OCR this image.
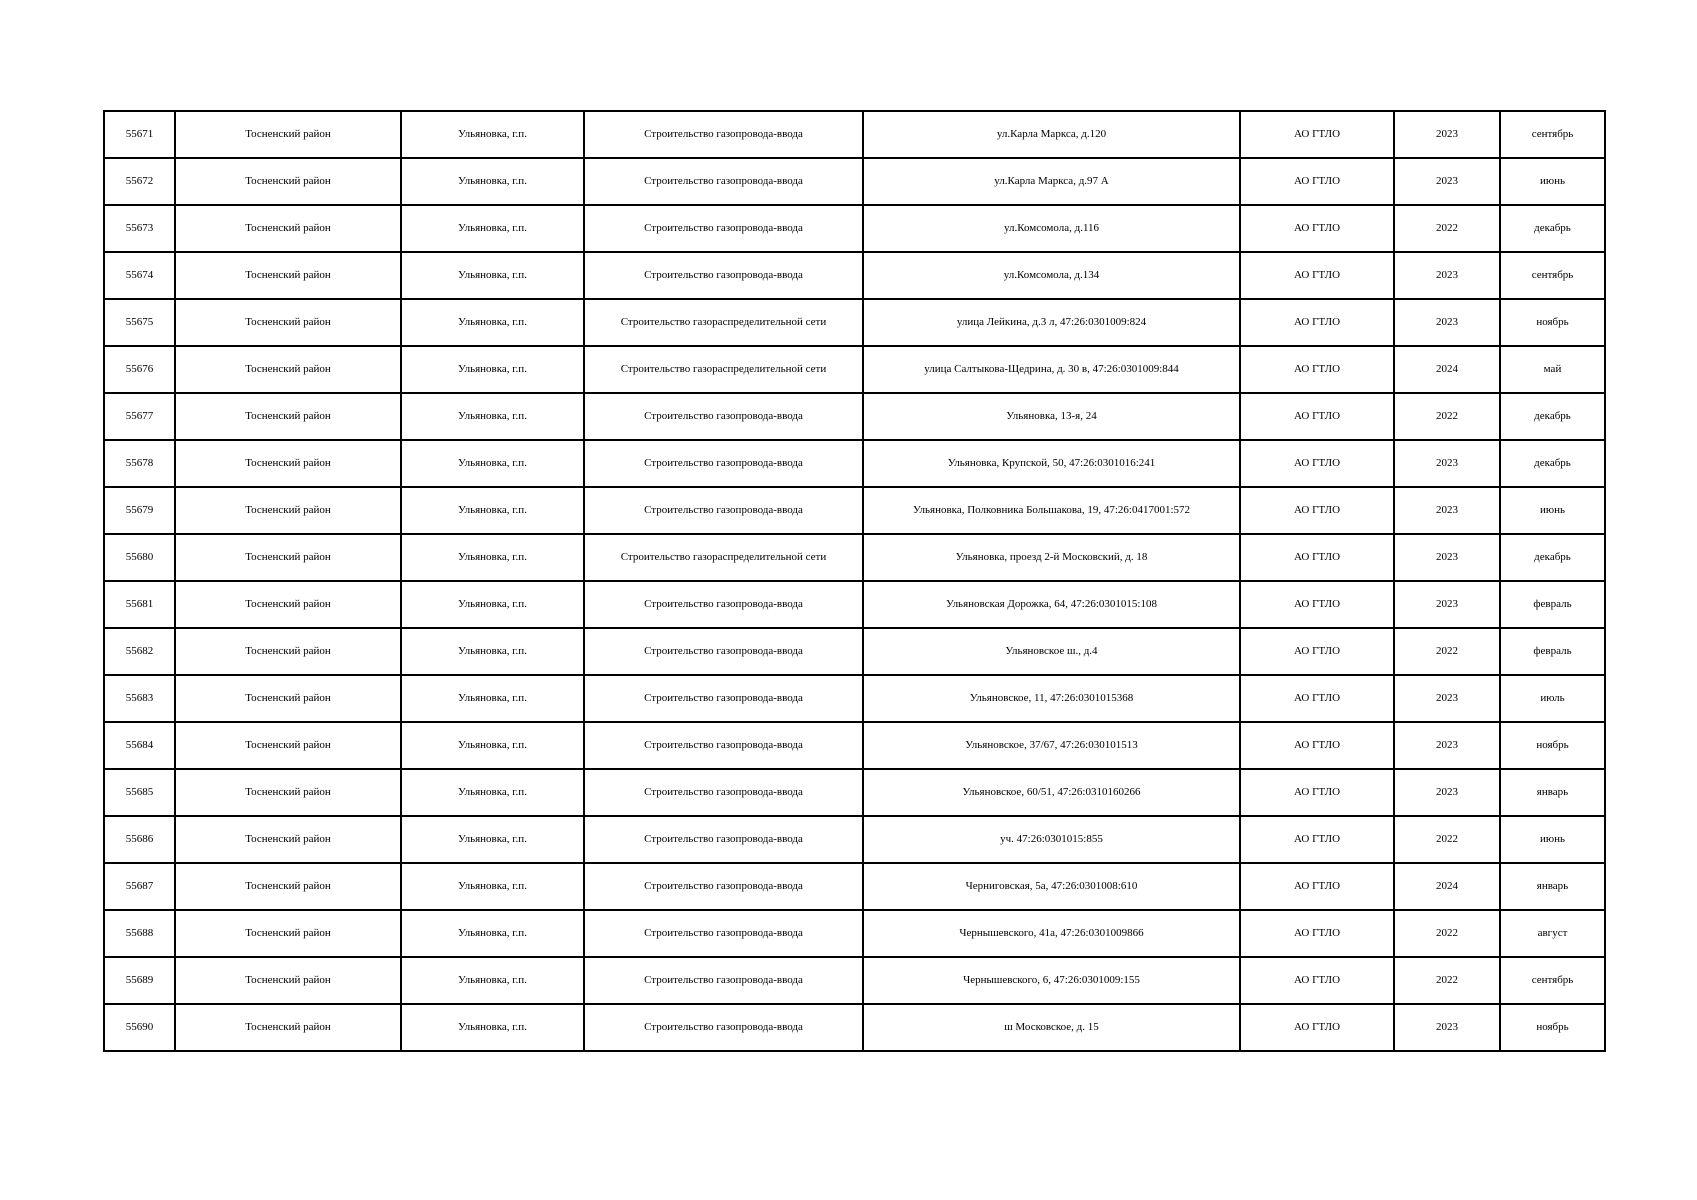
55671	Тосненский район	Ульяновка, г.п.	Строительство газопровода-ввода	ул.Карла Маркса, д.120	АО ГТЛО	2023	сентябрь
55672	Тосненский район	Ульяновка, г.п.	Строительство газопровода-ввода	ул.Карла Маркса, д.97 А	АО ГТЛО	2023	июнь
55673	Тосненский район	Ульяновка, г.п.	Строительство газопровода-ввода	ул.Комсомола, д.116	АО ГТЛО	2022	декабрь
55674	Тосненский район	Ульяновка, г.п.	Строительство газопровода-ввода	ул.Комсомола, д.134	АО ГТЛО	2023	сентябрь
55675	Тосненский район	Ульяновка, г.п.	Строительство газораспределительной сети	улица Лейкина, д.3 л, 47:26:0301009:824	АО ГТЛО	2023	ноябрь
55676	Тосненский район	Ульяновка, г.п.	Строительство газораспределительной сети	улица Салтыкова-Щедрина, д. 30 в, 47:26:0301009:844	АО ГТЛО	2024	май
55677	Тосненский район	Ульяновка, г.п.	Строительство газопровода-ввода	Ульяновка, 13-я, 24	АО ГТЛО	2022	декабрь
55678	Тосненский район	Ульяновка, г.п.	Строительство газопровода-ввода	Ульяновка, Крупской, 50, 47:26:0301016:241	АО ГТЛО	2023	декабрь
55679	Тосненский район	Ульяновка, г.п.	Строительство газопровода-ввода	Ульяновка, Полковника Большакова, 19, 47:26:0417001:572	АО ГТЛО	2023	июнь
55680	Тосненский район	Ульяновка, г.п.	Строительство газораспределительной сети	Ульяновка, проезд 2-й Московский, д. 18	АО ГТЛО	2023	декабрь
55681	Тосненский район	Ульяновка, г.п.	Строительство газопровода-ввода	Ульяновская Дорожка, 64, 47:26:0301015:108	АО ГТЛО	2023	февраль
55682	Тосненский район	Ульяновка, г.п.	Строительство газопровода-ввода	Ульяновское ш., д.4	АО ГТЛО	2022	февраль
55683	Тосненский район	Ульяновка, г.п.	Строительство газопровода-ввода	Ульяновское, 11, 47:26:0301015368	АО ГТЛО	2023	июль
55684	Тосненский район	Ульяновка, г.п.	Строительство газопровода-ввода	Ульяновское, 37/67, 47:26:030101513	АО ГТЛО	2023	ноябрь
55685	Тосненский район	Ульяновка, г.п.	Строительство газопровода-ввода	Ульяновское, 60/51, 47:26:0310160266	АО ГТЛО	2023	январь
55686	Тосненский район	Ульяновка, г.п.	Строительство газопровода-ввода	уч. 47:26:0301015:855	АО ГТЛО	2022	июнь
55687	Тосненский район	Ульяновка, г.п.	Строительство газопровода-ввода	Черниговская, 5а, 47:26:0301008:610	АО ГТЛО	2024	январь
55688	Тосненский район	Ульяновка, г.п.	Строительство газопровода-ввода	Чернышевского, 41а, 47:26:0301009866	АО ГТЛО	2022	август
55689	Тосненский район	Ульяновка, г.п.	Строительство газопровода-ввода	Чернышевского, 6, 47:26:0301009:155	АО ГТЛО	2022	сентябрь
55690	Тосненский район	Ульяновка, г.п.	Строительство газопровода-ввода	ш Московское, д. 15	АО ГТЛО	2023	ноябрь
